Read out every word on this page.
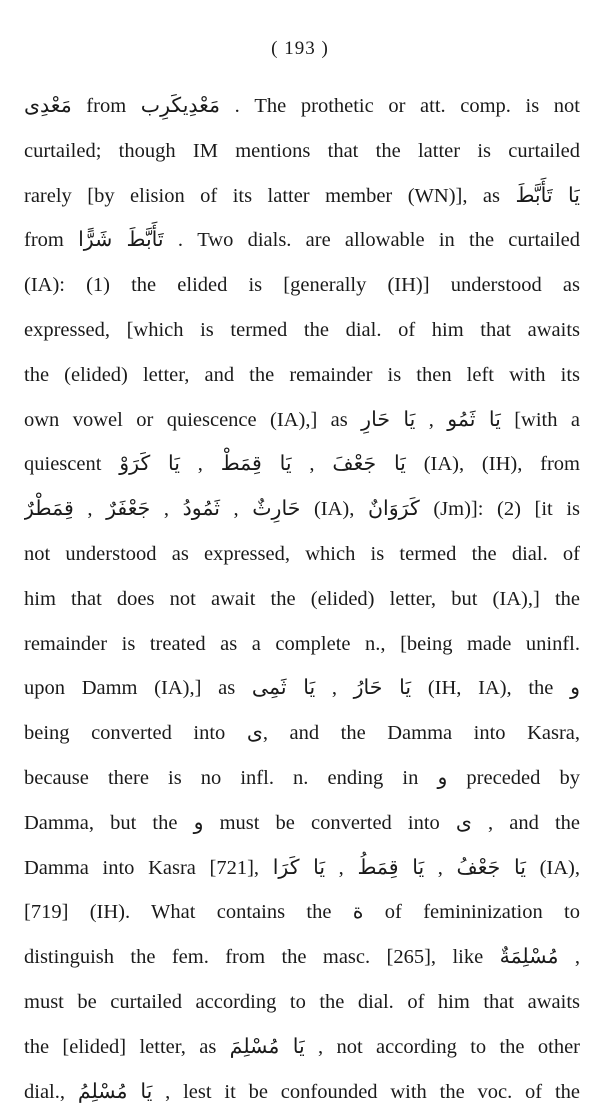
( 193 )
مَعْدِى from مَعْدِيكَرِب . The prothetic or att. comp. is not
curtailed; though IM mentions that the latter is curtailed
rarely [by elision of its latter member (WN)], as يَا تَأَبَّطَ
from تَأَبَّطَ شَرًّا . Two dials. are allowable in the curtailed
(IA): (1) the elided is [generally (IH)] understood as
expressed, [which is termed the dial. of him that awaits
the (elided) letter, and the remainder is then left with its
own vowel or quiescence (IA),] as يَا ثَمُو , يَا حَارِ [with a
quiescent يَا جَعْفَ , يَا قِمَطْ , يَا كَرَوْ (IA), (IH), from
حَارِثٌ , ثَمُودُ , جَعْفَرٌ , قِمَطْرٌ (IA), كَرَوَانٌ (Jm)]: (2) [it is
not understood as expressed, which is termed the dial. of
him that does not await the (elided) letter, but (IA),] the
remainder is treated as a complete n., [being made uninfl.
upon Damm (IA),] as يَا حَارُ , يَا ثَمِى (IH, IA), the و
being converted into ى, and the Damma into Kasra,
because there is no infl. n. ending in و preceded by
Damma, but the و must be converted into ى , and the
Damma into Kasra [721], يَا جَعْفُ , يَا قِمَطُ , يَا كَرَا (IA),
[719] (IH). What contains the ة of femininization to
distinguish the fem. from the masc. [265], like مُسْلِمَةٌ ,
must be curtailed according to the dial. of him that awaits
the [elided] letter, as يَا مُسْلِمَ , not according to the other
dial., يَا مُسْلِمُ , lest it be confounded with the voc. of the
